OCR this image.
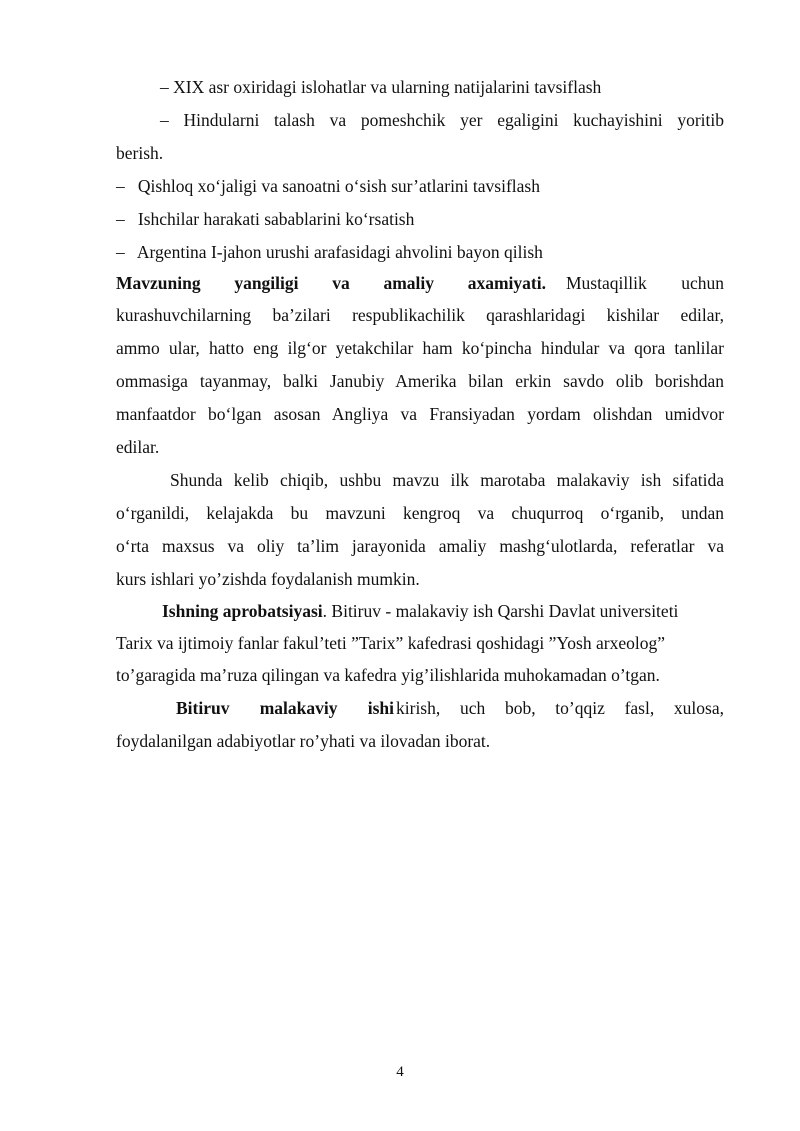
– XIX asr oxiridagi islohatlar va ularning natijalarini tavsiflash
– Hindularni talash va pomeshchik yer egaligini kuchayishini yoritib
berish.
–   Qishloq xo‘jaligi va sanoatni o‘sish sur’atlarini tavsiflash
–   Ishchilar harakati sabablarini ko‘rsatish
–   Argentina I-jahon urushi arafasidagi ahvolini bayon qilish
Mavzuning yangiligi va amaliy axamiyati. Mustaqillik uchun
kurashuvchilarning ba’zilari respublikachilik qarashlaridagi kishilar edilar,
ammo ular, hatto eng ilg‘or yetakchilar ham ko‘pincha hindular va qora tanlilar
ommasiga tayanmay, balki Janubiy Amerika bilan erkin savdo olib borishdan
manfaatdor bo‘lgan asosan Angliya va Fransiyadan yordam olishdan umidvor
edilar.
Shunda kelib chiqib, ushbu mavzu ilk marotaba malakaviy ish sifatida
o‘rganildi, kelajakda bu mavzuni kengroq va chuqurroq o‘rganib, undan
o‘rta maxsus va oliy ta’lim jarayonida amaliy mashg‘ulotlarda, referatlar va
kurs ishlari yo’zishda foydalanish mumkin.
Ishning aprobatsiyasi. Bitiruv - malakaviy ish Qarshi Davlat universiteti
Tarix va ijtimoiy fanlar fakul’teti ”Tarix” kafedrasi qoshidagi ”Yosh arxeolog”
to’garagida ma’ruza qilingan va kafedra yig’ilishlarida muhokamadan o’tgan.
Bitiruv malakaviy ishi kirish, uch bob, to’qqiz fasl, xulosa,
foydalanilgan adabiyotlar ro’yhati va ilovadan iborat.
4
